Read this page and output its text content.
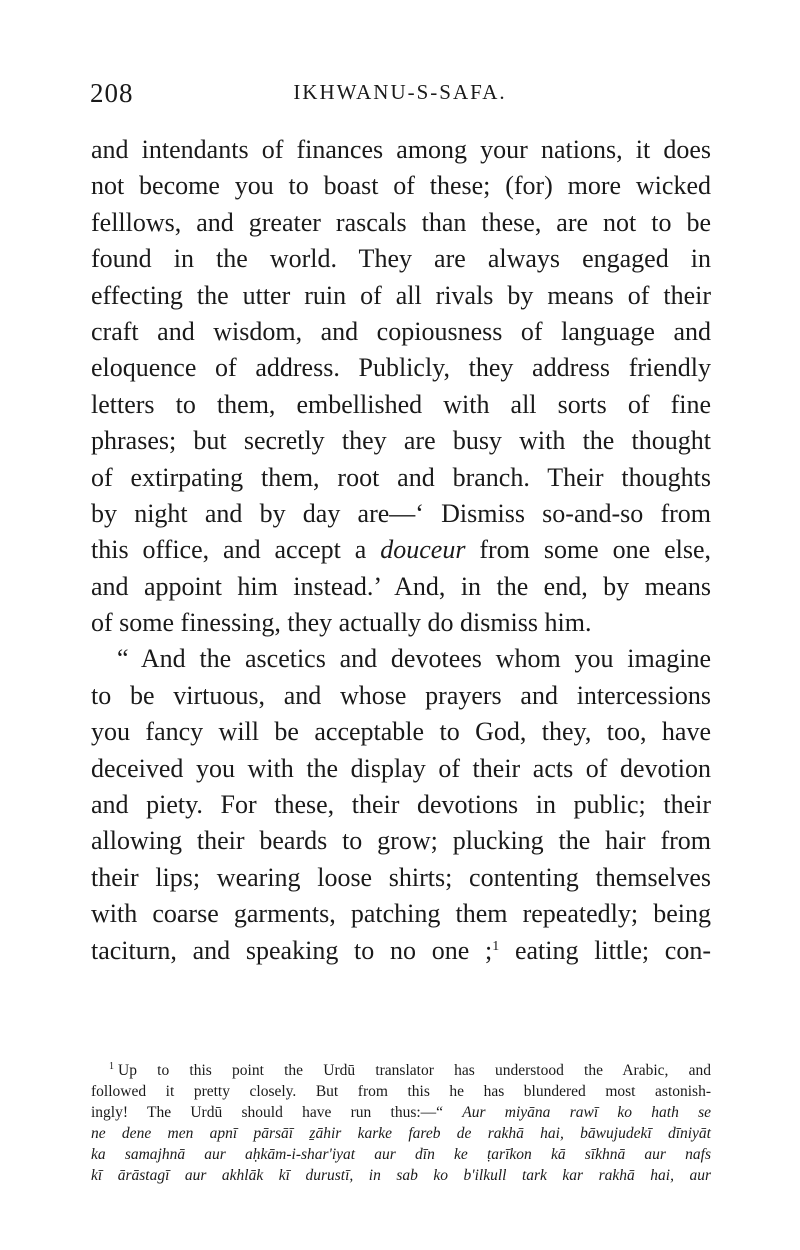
208	IKHWANU-S-SAFA.
and intendants of finances among your nations, it does
not become you to boast of these; (for) more wicked
felllows, and greater rascals than these, are not to be
found in the world. They are always engaged in
effecting the utter ruin of all rivals by means of their
craft and wisdom, and copiousness of language and
eloquence of address. Publicly, they address friendly
letters to them, embellished with all sorts of fine
phrases; but secretly they are busy with the thought
of extirpating them, root and branch. Their thoughts
by night and by day are—‘ Dismiss so-and-so from
this office, and accept a douceur from some one else,
and appoint him instead.’ And, in the end, by means
of some finessing, they actually do dismiss him.
“ And the ascetics and devotees whom you imagine
to be virtuous, and whose prayers and intercessions
you fancy will be acceptable to God, they, too, have
deceived you with the display of their acts of devotion
and piety. For these, their devotions in public; their
allowing their beards to grow; plucking the hair from
their lips; wearing loose shirts; contenting themselves
with coarse garments, patching them repeatedly; being
taciturn, and speaking to no one ;$^1$ eating little; con-
$^1$ Up to this point the Urdū translator has understood the Arabic, and
followed it pretty closely. But from this he has blundered most astonish-
ingly! The Urdū should have run thus:—“ Aur miyāna rawī ko hath se
ne dene men apnī pārsāī ẕāhir karke fareb de rakhā hai, bāwujudekī dīniyāt
ka samajhnā aur aḥkām-i-shar'iyat aur dīn ke ṭarīkon kā sīkhnā aur nafs
kī ārāstagī aur akhlāk kī durustī, in sab ko b'ilkull tark kar rakhā hai, aur
